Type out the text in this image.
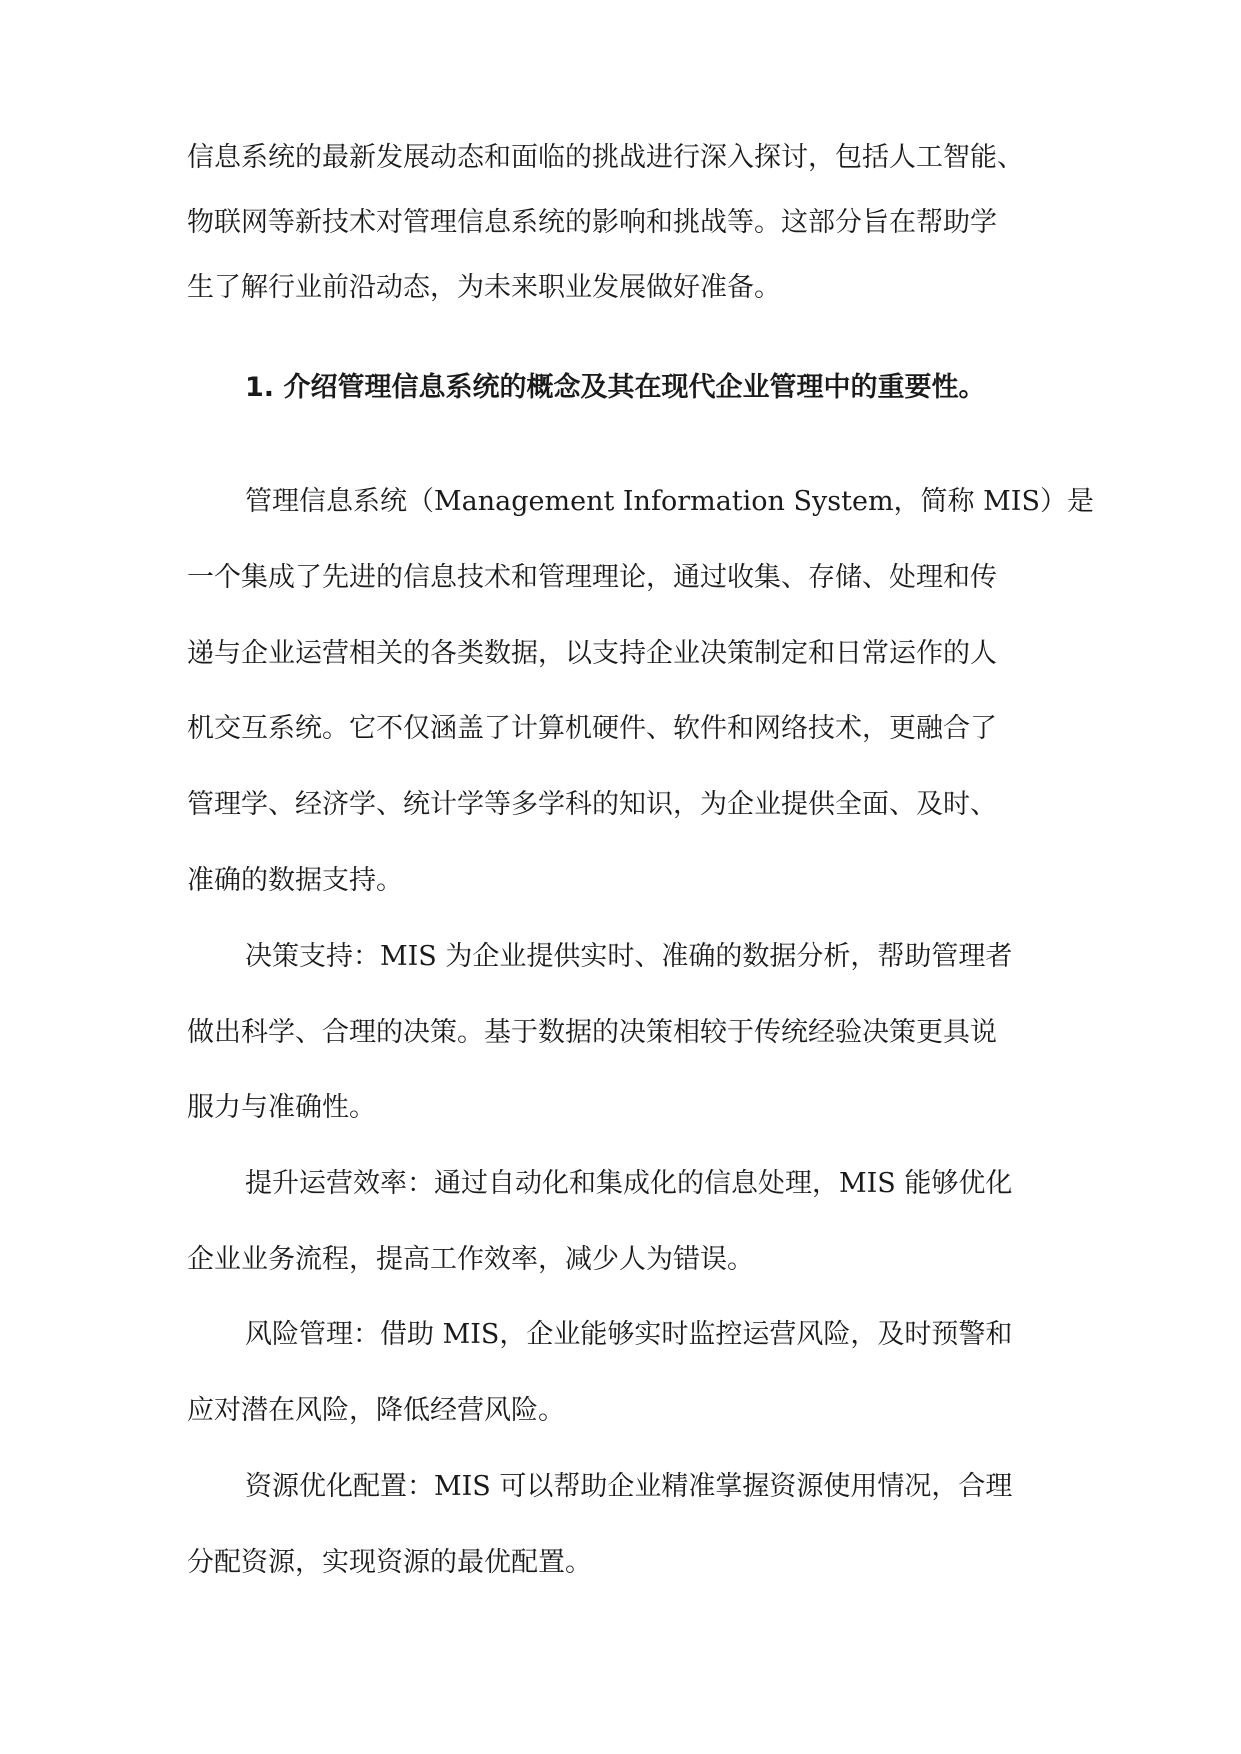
信息系统的最新发展动态和面临的挑战进行深入探讨，包括人工智能、
物联网等新技术对管理信息系统的影响和挑战等。这部分旨在帮助学
生了解行业前沿动态，为未来职业发展做好准备。
1. 介绍管理信息系统的概念及其在现代企业管理中的重要性。
管理信息系统（Management Information System，简称 MIS）是
一个集成了先进的信息技术和管理理论，通过收集、存储、处理和传
递与企业运营相关的各类数据，以支持企业决策制定和日常运作的人
机交互系统。它不仅涵盖了计算机硬件、软件和网络技术，更融合了
管理学、经济学、统计学等多学科的知识，为企业提供全面、及时、
准确的数据支持。
决策支持：MIS 为企业提供实时、准确的数据分析，帮助管理者
做出科学、合理的决策。基于数据的决策相较于传统经验决策更具说
服力与准确性。
提升运营效率：通过自动化和集成化的信息处理，MIS 能够优化
企业业务流程，提高工作效率，减少人为错误。
风险管理：借助 MIS，企业能够实时监控运营风险，及时预警和
应对潜在风险，降低经营风险。
资源优化配置：MIS 可以帮助企业精准掌握资源使用情况，合理
分配资源，实现资源的最优配置。
